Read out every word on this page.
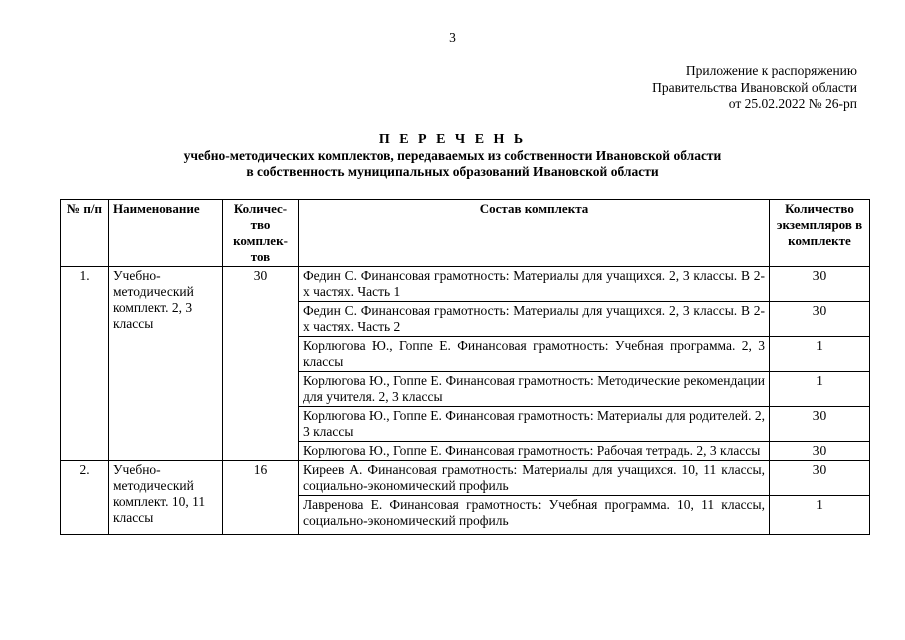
3
Приложение к распоряжению
Правительства Ивановской области
от 25.02.2022 № 26-рп
П Е Р Е Ч Е Н Ь
учебно-методических комплектов, передаваемых из собственности Ивановской области
в собственность муниципальных образований Ивановской области
№ п/п	Наименование	Количес- тво комплек- тов	Состав комплекта	Количество экземпляров в комплекте
1.	Учебно- методический комплект. 2, 3 классы	30	Федин С. Финансовая грамотность: Материалы для учащихся. 2, 3 классы. В 2-х частях. Часть 1	30
			Федин С. Финансовая грамотность: Материалы для учащихся. 2, 3 классы. В 2-х частях. Часть 2	30
			Корлюгова Ю., Гоппе Е. Финансовая грамотность: Учебная программа. 2, 3 классы	1
			Корлюгова Ю., Гоппе Е. Финансовая грамотность: Методические рекомендации для учителя. 2, 3 классы	1
			Корлюгова Ю., Гоппе Е. Финансовая грамотность: Материалы для родителей. 2, 3 классы	30
			Корлюгова Ю., Гоппе Е. Финансовая грамотность: Рабочая тетрадь. 2, 3 классы	30
2.	Учебно- методический комплект. 10, 11 классы	16	Киреев А. Финансовая грамотность: Материалы для учащихся. 10, 11 классы, социально-экономический профиль	30
			Лавренова Е. Финансовая грамотность: Учебная программа. 10, 11 классы, социально-экономический профиль	1
